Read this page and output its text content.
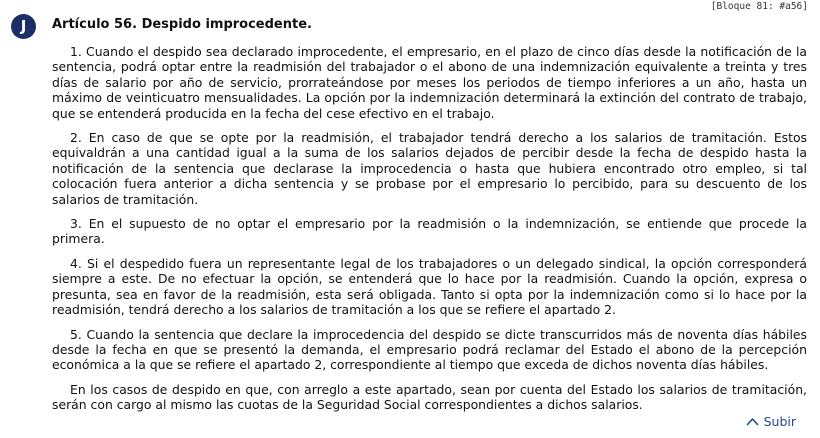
[Bloque 81: #a56]
J	Artículo 56. Despido improcedente.

1. Cuando el despido sea declarado improcedente, el empresario, en el plazo de cinco días desde la notificación de la sentencia, podrá optar entre la readmisión del trabajador o el abono de una indemnización equivalente a treinta y tres días de salario por año de servicio, prorrateándose por meses los periodos de tiempo inferiores a un año, hasta un máximo de veinticuatro mensualidades. La opción por la indemnización determinará la extinción del contrato de trabajo, que se entenderá producida en la fecha del cese efectivo en el trabajo.

2. En caso de que se opte por la readmisión, el trabajador tendrá derecho a los salarios de tramitación. Estos equivaldrán a una cantidad igual a la suma de los salarios dejados de percibir desde la fecha de despido hasta la notificación de la sentencia que declarase la improcedencia o hasta que hubiera encontrado otro empleo, si tal colocación fuera anterior a dicha sentencia y se probase por el empresario lo percibido, para su descuento de los salarios de tramitación.

3. En el supuesto de no optar el empresario por la readmisión o la indemnización, se entiende que procede la primera.

4. Si el despedido fuera un representante legal de los trabajadores o un delegado sindical, la opción corresponderá siempre a este. De no efectuar la opción, se entenderá que lo hace por la readmisión. Cuando la opción, expresa o presunta, sea en favor de la readmisión, esta será obligada. Tanto si opta por la indemnización como si lo hace por la readmisión, tendrá derecho a los salarios de tramitación a los que se refiere el apartado 2.

5. Cuando la sentencia que declare la improcedencia del despido se dicte transcurridos más de noventa días hábiles desde la fecha en que se presentó la demanda, el empresario podrá reclamar del Estado el abono de la percepción económica a la que se refiere el apartado 2, correspondiente al tiempo que exceda de dichos noventa días hábiles.

En los casos de despido en que, con arreglo a este apartado, sean por cuenta del Estado los salarios de tramitación, serán con cargo al mismo las cuotas de la Seguridad Social correspondientes a dichos salarios.

Subir
